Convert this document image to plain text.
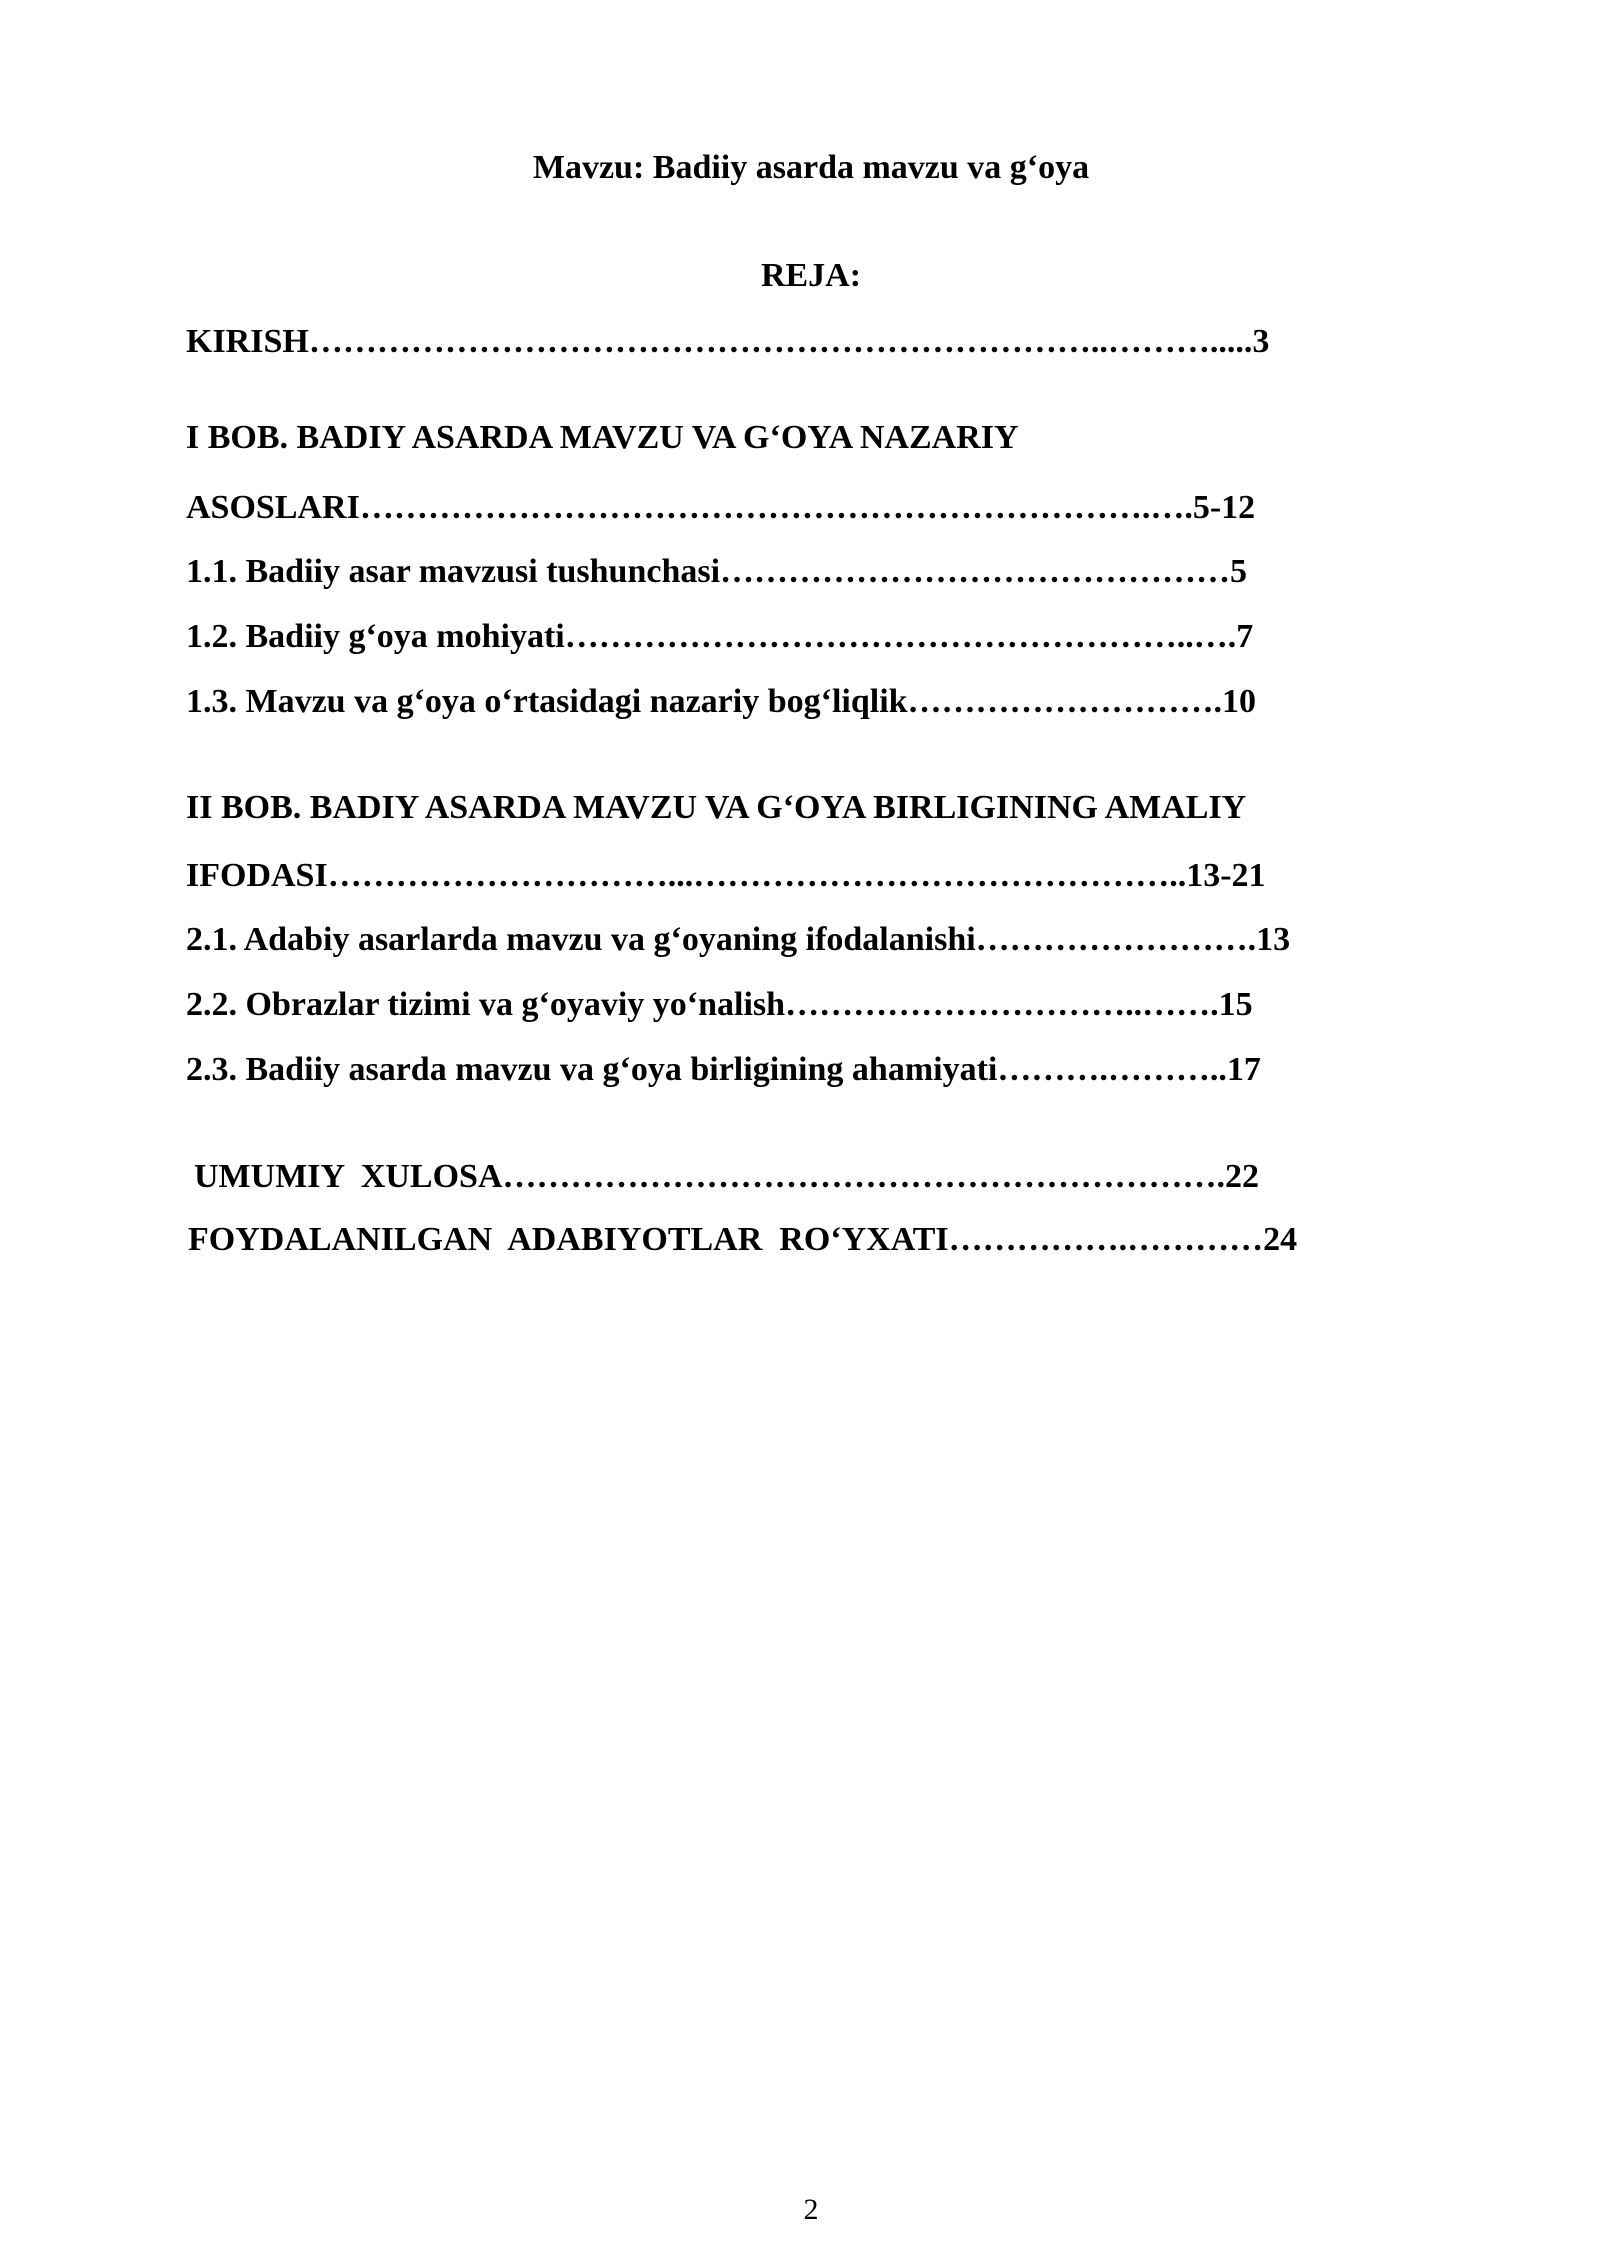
Mavzu: Badiiy asarda mavzu va g‘oya
REJA:
KIRISH……………………………………………………………..……….....3
I BOB. BADIY ASARDA MAVZU VA G‘OYA NAZARIY
ASOSLARI…………………………………………………………….….5-12
1.1. Badiiy asar mavzusi tushunchasi………………………………………5
1.2. Badiiy g‘oya mohiyati………………………………………………..….7
1.3. Mavzu va g‘oya o‘rtasidagi nazariy bog‘liqlik……………………….10
II BOB. BADIY ASARDA MAVZU VA G‘OYA BIRLIGINING AMALIY
IFODASI…………………………...……………………………………..13-21
2.1. Adabiy asarlarda mavzu va g‘oyaning ifodalanishi…………………….13
2.2. Obrazlar tizimi va g‘oyaviy yo‘nalish…………………………..…….15
2.3. Badiiy asarda mavzu va g‘oya birligining ahamiyati……….………..17
UMUMIY  XULOSA……………………………………………………….22
FOYDALANILGAN  ADABIYOTLAR  RO‘YXATI…………….…………24
2
